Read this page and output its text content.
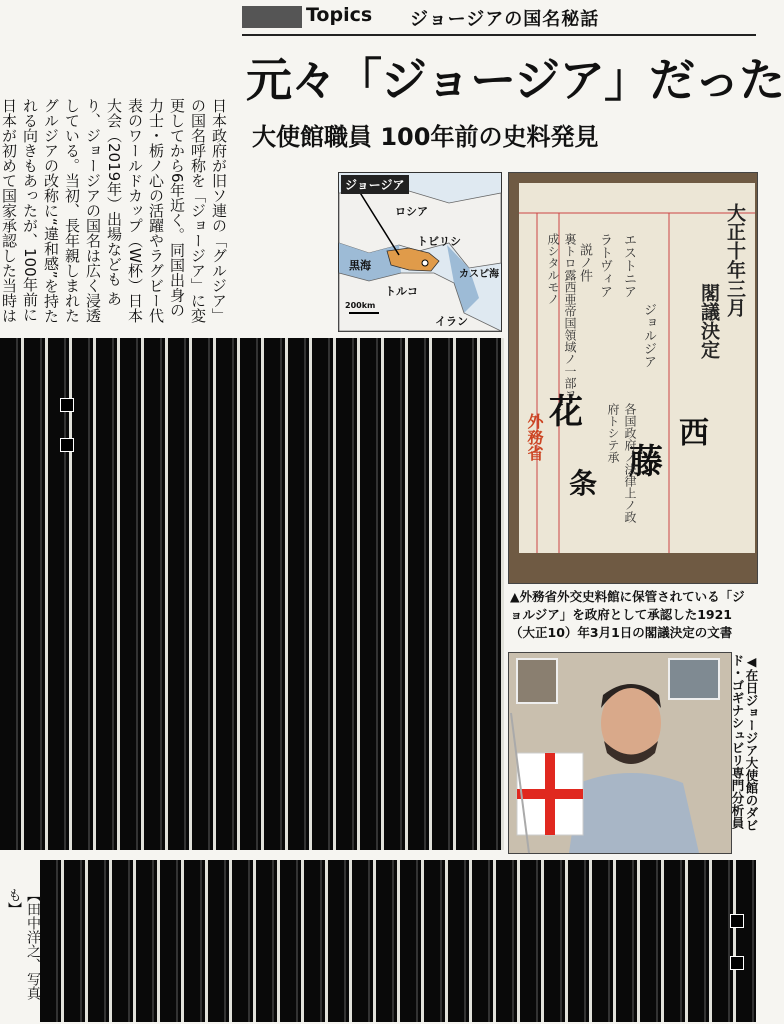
Topics ジョージアの国名秘話
元々「ジョージア」だった
大使館職員 100年前の史料発見
日本政府が旧ソ連の「グルジア」の国名呼称を「ジョージア」に変更してから6年近く。同国出身の力士・栃ノ心の活躍やラグビー代表のワールドカップ（W杯）日本大会（2019年）出場なども あり、ジョージアの国名は広く浸透している。当初、長年親しまれたグルジアの改称に“違和感”を持たれる向きもあったが、100年前に日本が初めて国家承認した当時は
ジョージア
ロシア
トビリシ
黒海
カスピ海
トルコ
イラン
200km
花
藤
西
条
大正十年三月
閣議決定
エストニア
ラトヴィア
ジョルジア
各国政府ノ法律上ノ政府トシテ承
説ノ件
裏トロ露西亜帝国領域ノ一部ヲ成シタルモノ
外務省
▲外務省外交史料館に保管されている「ジョルジア」を政府として承認した1921（大正10）年3月1日の閣議決定の文書
◀在日ジョージア大使館のダビド・ゴギナシュビリ専門分析員
【田中洋之、写真も】
